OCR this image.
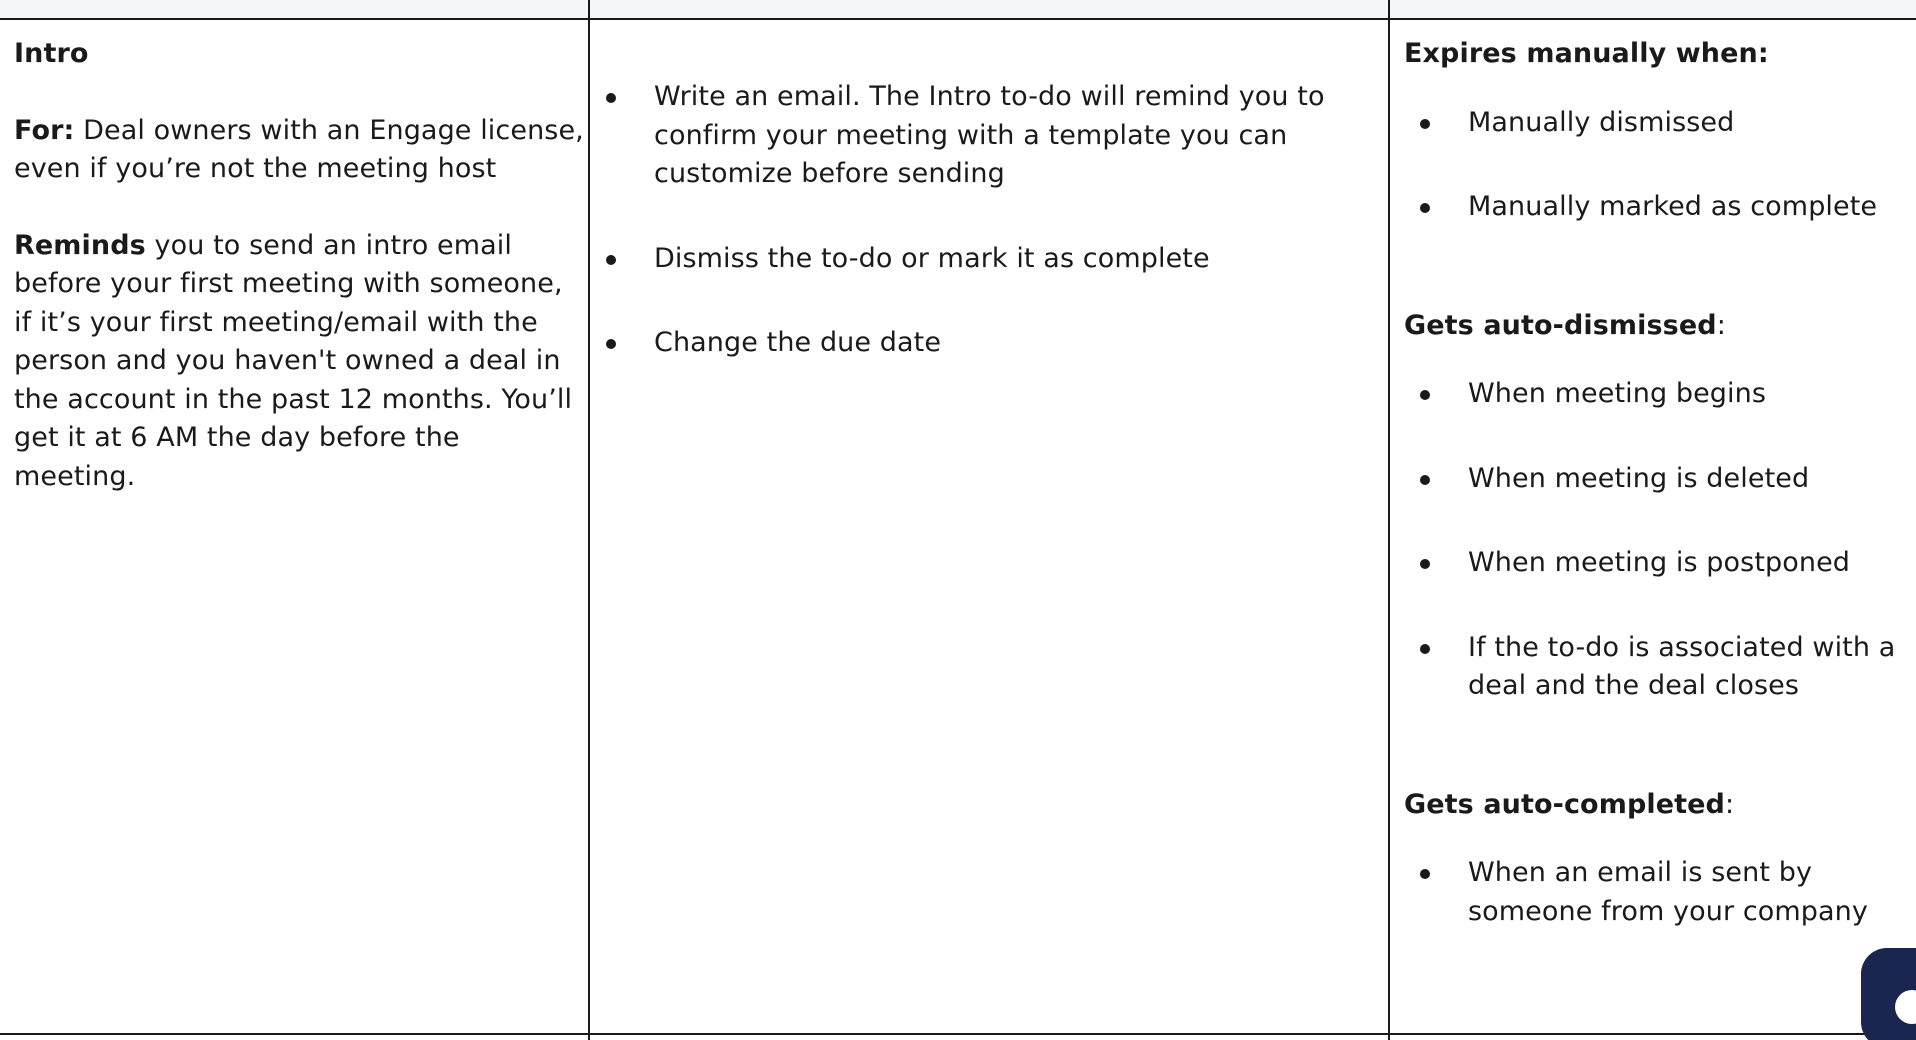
Intro

For: Deal owners with an Engage license, even if you’re not the meeting host

Reminds you to send an intro email before your first meeting with someone, if it’s your first meeting/email with the person and you haven't owned a deal in the account in the past 12 months. You’ll get it at 6 AM the day before the meeting.

Write an email. The Intro to-do will remind you to confirm your meeting with a template you can customize before sending
Dismiss the to-do or mark it as complete
Change the due date

Expires manually when:

Manually dismissed
Manually marked as complete

Gets auto-dismissed:

When meeting begins
When meeting is deleted
When meeting is postponed
If the to-do is associated with a deal and the deal closes

Gets auto-completed:

When an email is sent by someone from your company
